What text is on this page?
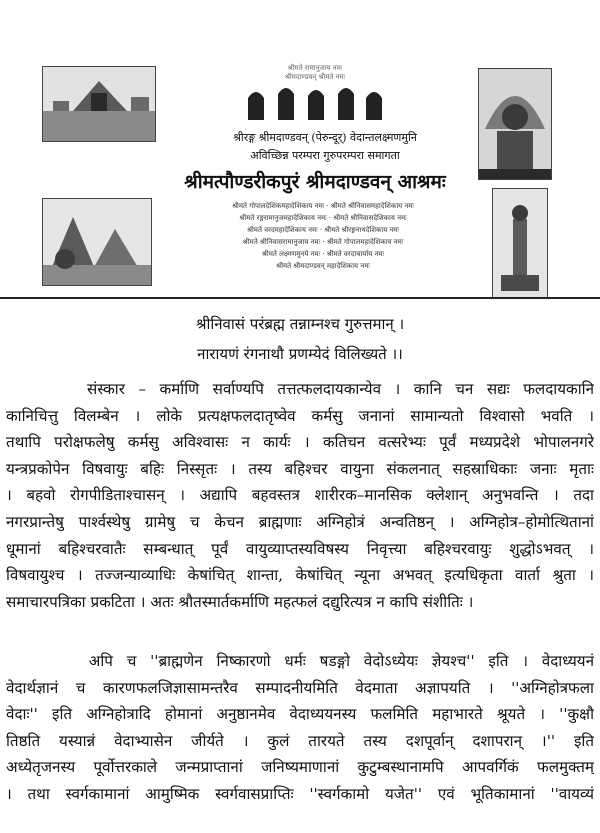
श्रीमते रामानुजाय नमः
श्रीमदाण्डवन् श्रीमते नमः
श्रीरङ्ग श्रीमदाण्डवन् (पेरुन्दूर्) वेदान्तलक्ष्मणमुनि
अविच्छिन्न परम्परा गुरुपरम्परा समागता
श्रीमत्पौण्डरीकपुरं श्रीमदाण्डवन् आश्रमः
श्रीमते गोपालदेशिकमहादेशिकाय नमः · श्रीमते श्रीनिवासमहादेशिकाय नमः
श्रीमते रङ्गरामानुजमहादेशिकाय नमः · श्रीमते श्रीनिवासदेशिकाय नमः
श्रीमते वरदमहादेशिकाय नमः · श्रीमते श्रीरङ्गनाथदेशिकाय नमः
श्रीमते श्रीनिवासरामानुजाय नमः · श्रीमते गोपालमहादेशिकाय नमः
श्रीमते लक्ष्मणमुनये नमः · श्रीमते वरदाचार्याय नमः
श्रीमते श्रीमदाण्डवन् महादेशिकाय नमः
श्रीनिवासं परंब्रह्म तन्नाम्नश्च गुरुत्तमान् ।
नारायणं रंगनाथौ प्रणम्येदं विलिख्यते ।।
संस्कार – कर्माणि सर्वाण्यपि तत्तत्फलदायकान्येव । कानि चन सद्यः फलदायकानि
कानिचित्तु विलम्बेन । लोके प्रत्यक्षफलदातृष्वेव कर्मसु जनानां सामान्यतो विश्वासो भवति ।
तथापि परोक्षफलेषु कर्मसु अविश्वासः न कार्यः । कतिचन वत्सरेभ्यः पूर्वं मध्यप्रदेशे भोपालनगरे
यन्त्रप्रकोपेन विषवायुः बहिः निस्सृतः । तस्य बहिश्चर वायुना संकलनात् सहस्राधिकाः जनाः मृताः
। बहवो रोगपीडिताश्चासन् । अद्यापि बहवस्तत्र शारीरक–मानसिक क्लेशान् अनुभवन्ति । तदा
नगरप्रान्तेषु पार्श्वस्थेषु ग्रामेषु च केचन ब्राह्मणाः अग्निहोत्रं अन्वतिष्ठन् । अग्निहोत्र–होमोत्थितानां
धूमानां बहिश्चरवातैः सम्बन्धात् पूर्वं वायुव्याप्तस्यविषस्य निवृत्त्या बहिश्चरवायुः शुद्धोऽभवत् ।
विषवायुश्च । तज्जन्याव्याधिः केषांचित् शान्ता, केषांचित् न्यूना अभवत् इत्यधिकृता वार्ता श्रुता ।
समाचारपत्रिका प्रकटिता । अतः श्रौतस्मार्तकर्माणि महत्फलं दद्युरित्यत्र न कापि संशीतिः ।
अपि च ''ब्राह्मणेन निष्कारणो धर्मः षडङ्गो वेदोऽध्येयः ज्ञेयश्च'' इति । वेदाध्ययनं
वेदार्थज्ञानं च कारणफलजिज्ञासामन्तरैव सम्पादनीयमिति वेदमाता अज्ञापयति । ''अग्निहोत्रफला
वेदाः'' इति अग्निहोत्रादि होमानां अनुष्ठानमेव वेदाध्ययनस्य फलमिति महाभारते श्रूयते । ''कुक्षौ
तिष्ठति यस्यान्नं वेदाभ्यासेन जीर्यते । कुलं तारयते तस्य दशपूर्वान् दशापरान् ।'' इति
अध्येतृजनस्य पूर्वोत्तरकाले जन्मप्राप्तानां जनिष्यमाणानां कुटुम्बस्थानामपि आपवर्गिकं फलमुक्तम्
। तथा स्वर्गकामानां आमुष्मिक स्वर्गवासप्राप्तिः ''स्वर्गकामो यजेत'' एवं भूतिकामानां ''वायव्यं
